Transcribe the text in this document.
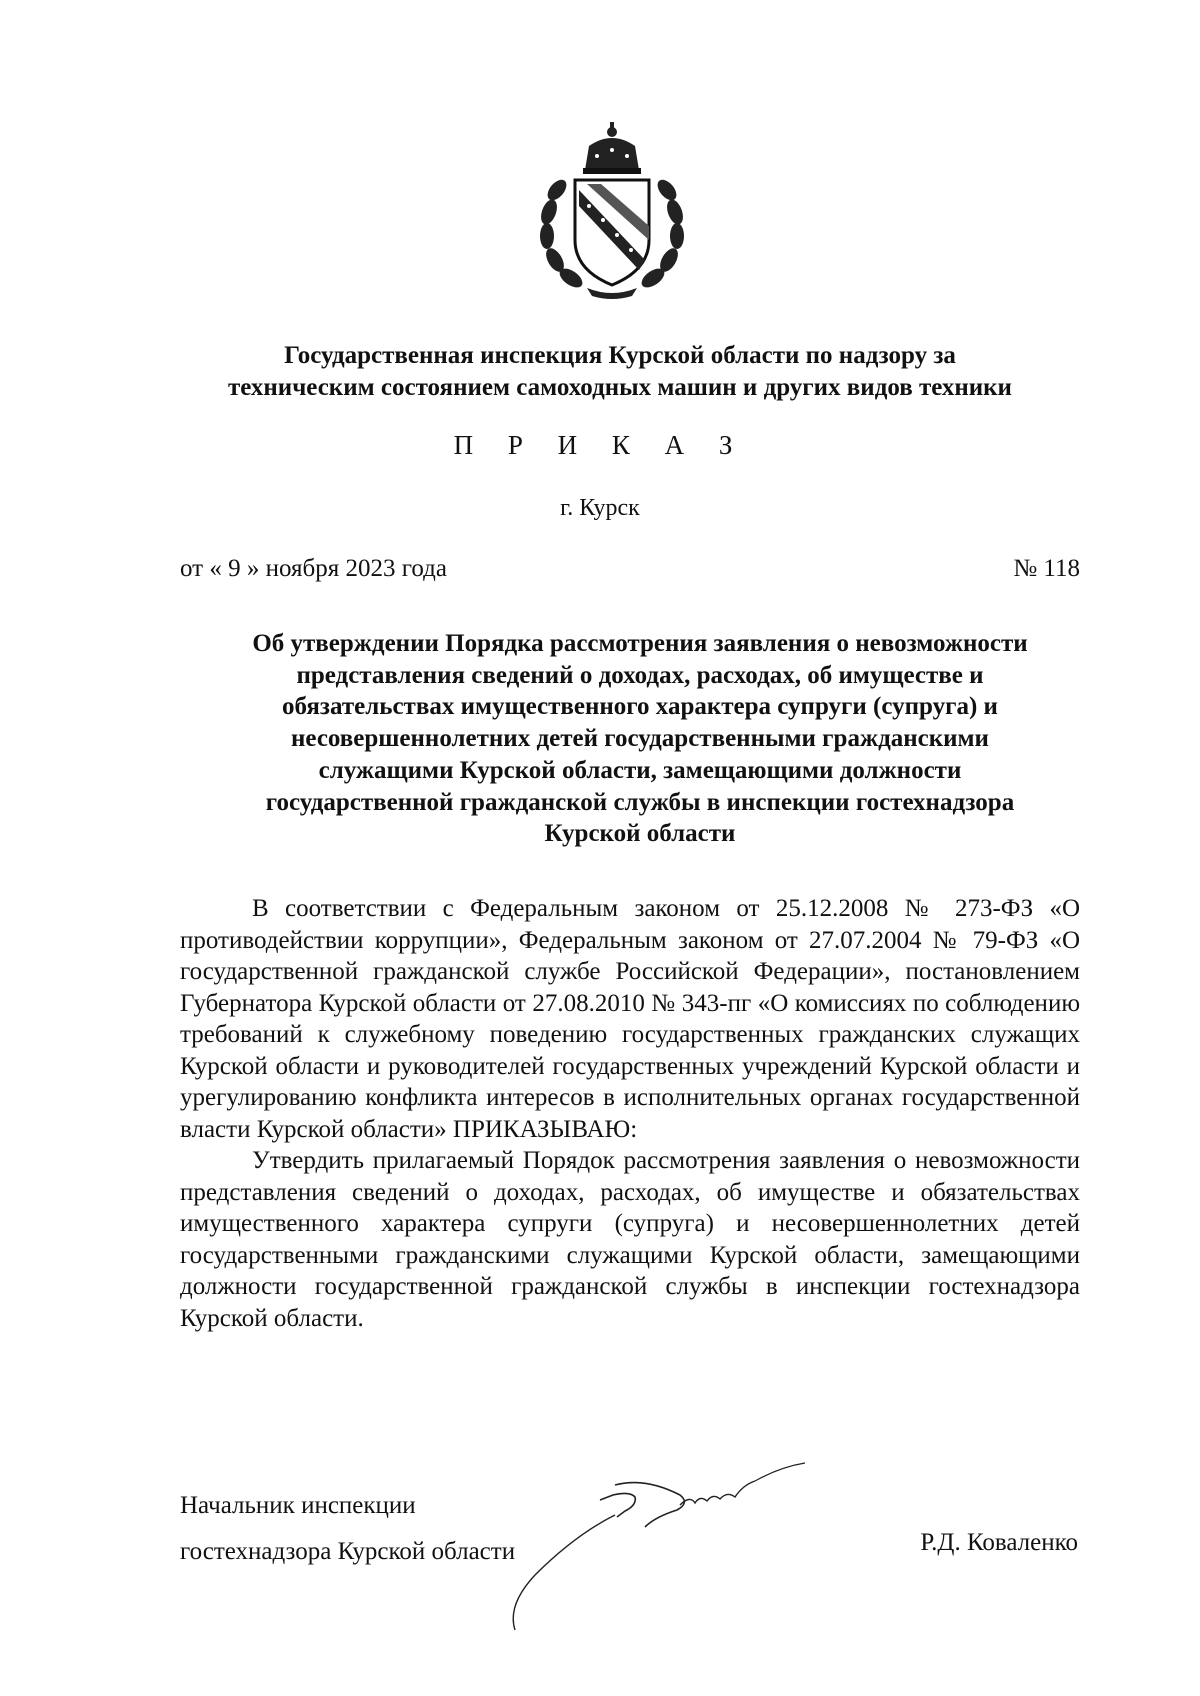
Государственная инспекция Курской области по надзору за
техническим состоянием самоходных машин и других видов техники
П Р И К А З
г. Курск
от « 9 » ноября 2023 года	№ 118
Об утверждении Порядка рассмотрения заявления о невозможности
представления сведений о доходах, расходах, об имуществе и
обязательствах имущественного характера супруги (супруга) и
несовершеннолетних детей государственными гражданскими
служащими Курской области, замещающими должности
государственной гражданской службы в инспекции гостехнадзора
Курской области

В соответствии с Федеральным законом от 25.12.2008 № 273-ФЗ «О противодействии коррупции», Федеральным законом от 27.07.2004 № 79-ФЗ «О государственной гражданской службе Российской Федерации», постановлением Губернатора Курской области от 27.08.2010 № 343-пг «О комиссиях по соблюдению требований к служебному поведению государственных гражданских служащих Курской области и руководителей государственных учреждений Курской области и урегулированию конфликта интересов в исполнительных органах государственной власти Курской области» ПРИКАЗЫВАЮ:

Утвердить прилагаемый Порядок рассмотрения заявления о невозможности представления сведений о доходах, расходах, об имуществе и обязательствах имущественного характера супруги (супруга) и несовершеннолетних детей государственными гражданскими служащими Курской области, замещающими должности государственной гражданской службы в инспекции гостехнадзора Курской области.

Начальник инспекции
гостехнадзора Курской области	Р.Д. Коваленко
